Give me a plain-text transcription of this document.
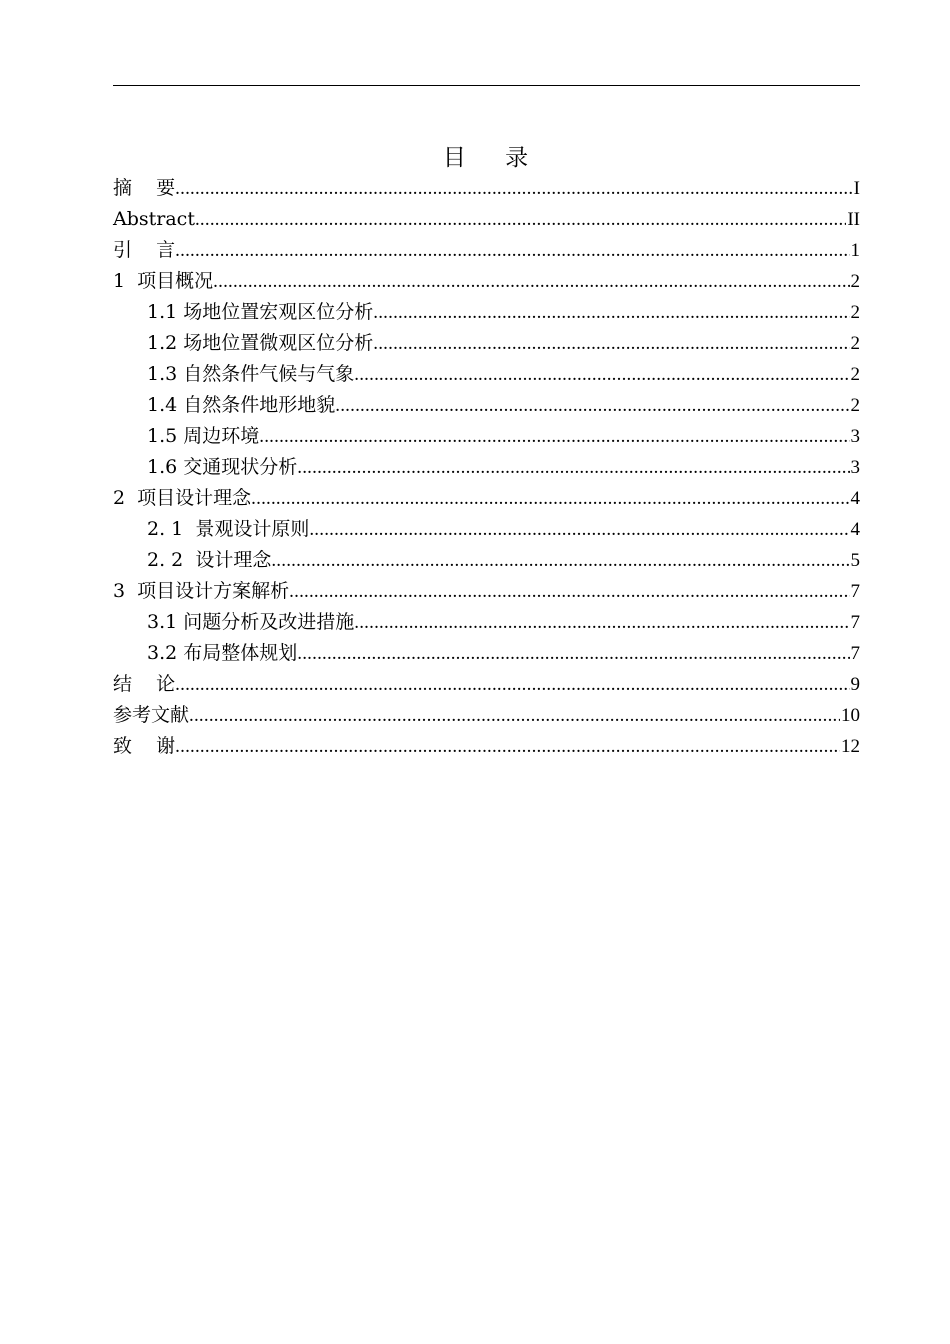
目    录
摘    要 .....	I
Abstract .....	II
引    言 .....	1
1  项目概况 .....	2
1.1 场地位置宏观区位分析 .....	2
1.2 场地位置微观区位分析 .....	2
1.3 自然条件气候与气象 .....	2
1.4 自然条件地形地貌 .....	2
1.5 周边环境 .....	3
1.6 交通现状分析 .....	3
2  项目设计理念 .....	4
2. 1  景观设计原则 .....	4
2. 2  设计理念 .....	5
3  项目设计方案解析 .....	7
3.1 问题分析及改进措施 .....	7
3.2 布局整体规划 .....	7
结    论 .....	9
参考文献 .....	10
致    谢 .....	12
